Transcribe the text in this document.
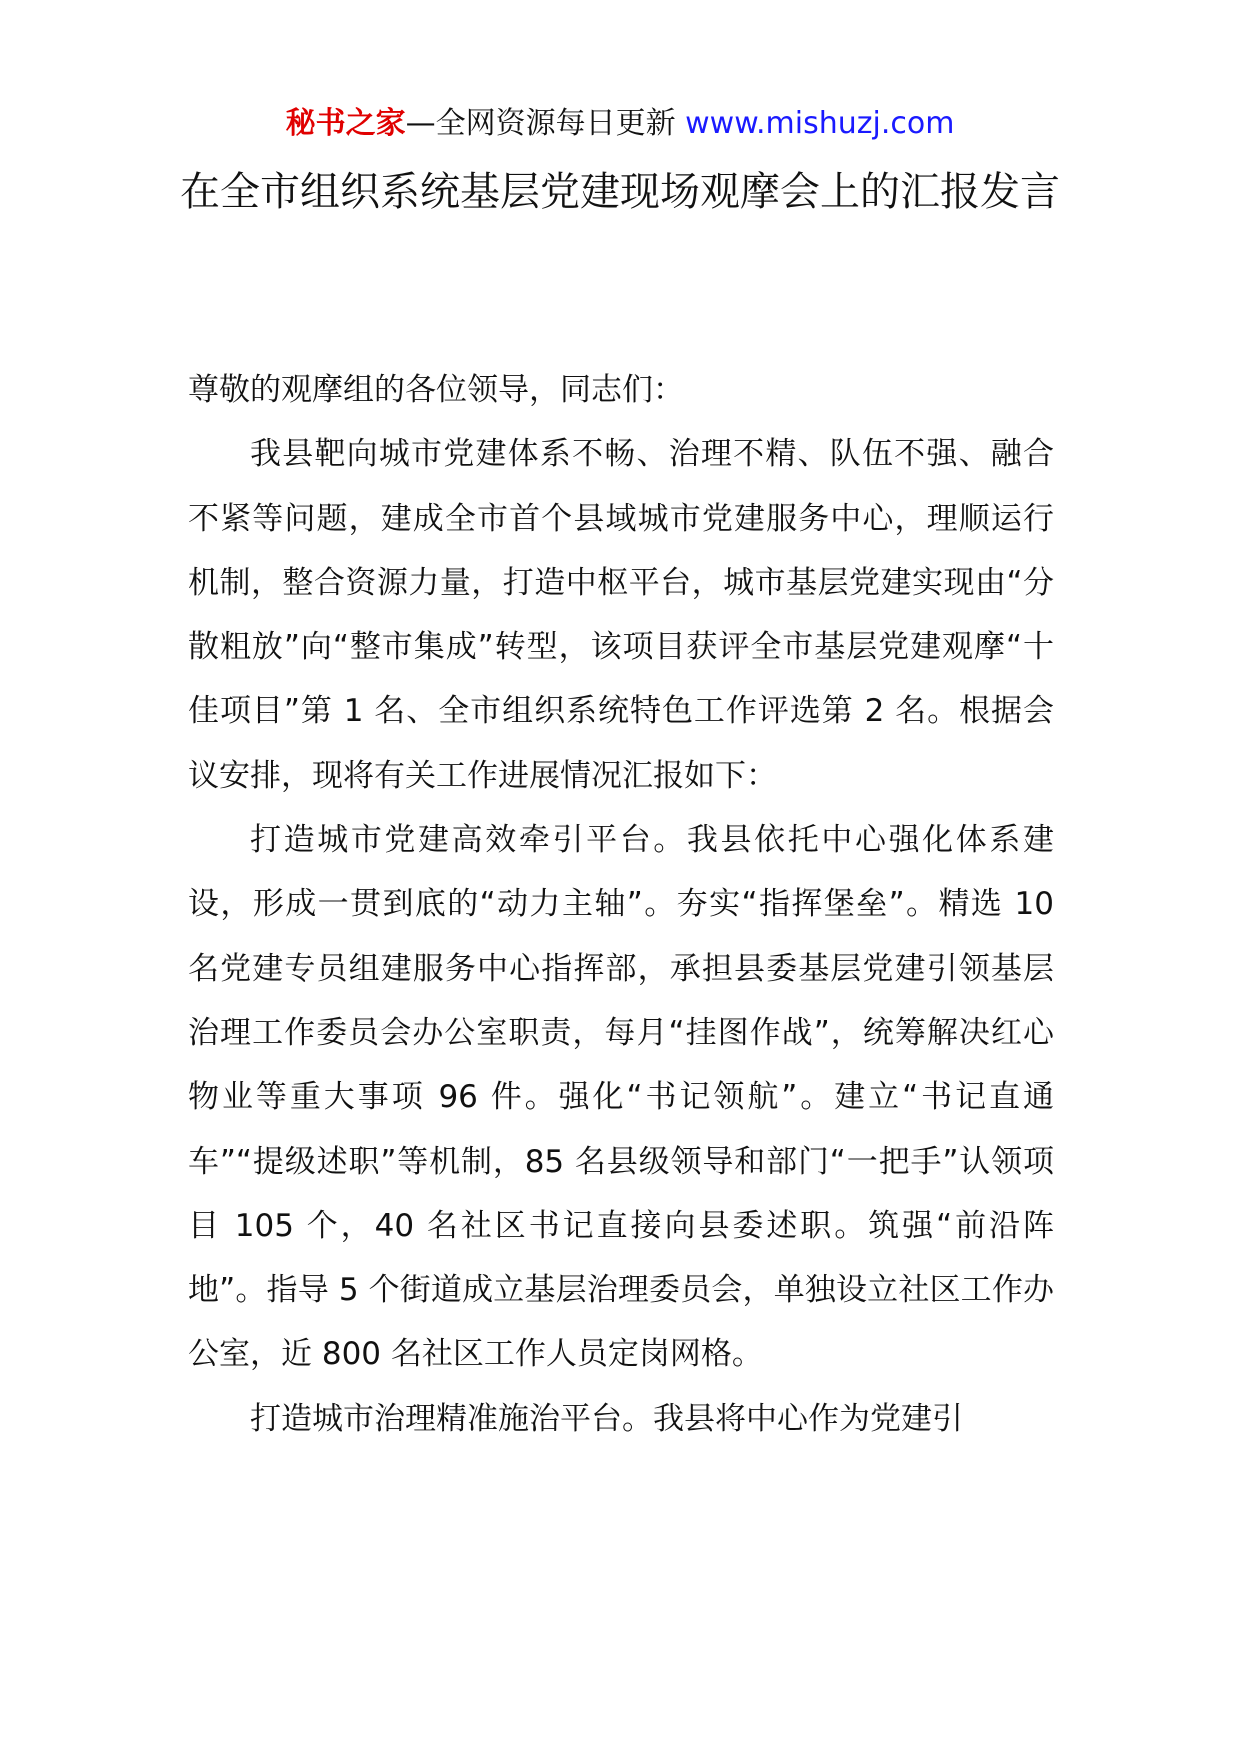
秘书之家—全网资源每日更新 www.mishuzj.com
在全市组织系统基层党建现场观摩会上的汇报发言

尊敬的观摩组的各位领导，同志们：

我县靶向城市党建体系不畅、治理不精、队伍不强、融合不紧等问题，建成全市首个县域城市党建服务中心，理顺运行机制，整合资源力量，打造中枢平台，城市基层党建实现由“分散粗放”向“整市集成”转型，该项目获评全市基层党建观摩“十佳项目”第 1 名、全市组织系统特色工作评选第 2 名。根据会议安排，现将有关工作进展情况汇报如下：

打造城市党建高效牵引平台。我县依托中心强化体系建设，形成一贯到底的“动力主轴”。夯实“指挥堡垒”。精选 10 名党建专员组建服务中心指挥部，承担县委基层党建引领基层治理工作委员会办公室职责，每月“挂图作战”，统筹解决红心物业等重大事项 96 件。强化“书记领航”。建立“书记直通车”“提级述职”等机制，85 名县级领导和部门“一把手”认领项目 105 个，40 名社区书记直接向县委述职。筑强“前沿阵地”。指导 5 个街道成立基层治理委员会，单独设立社区工作办公室，近 800 名社区工作人员定岗网格。

打造城市治理精准施治平台。我县将中心作为党建引
